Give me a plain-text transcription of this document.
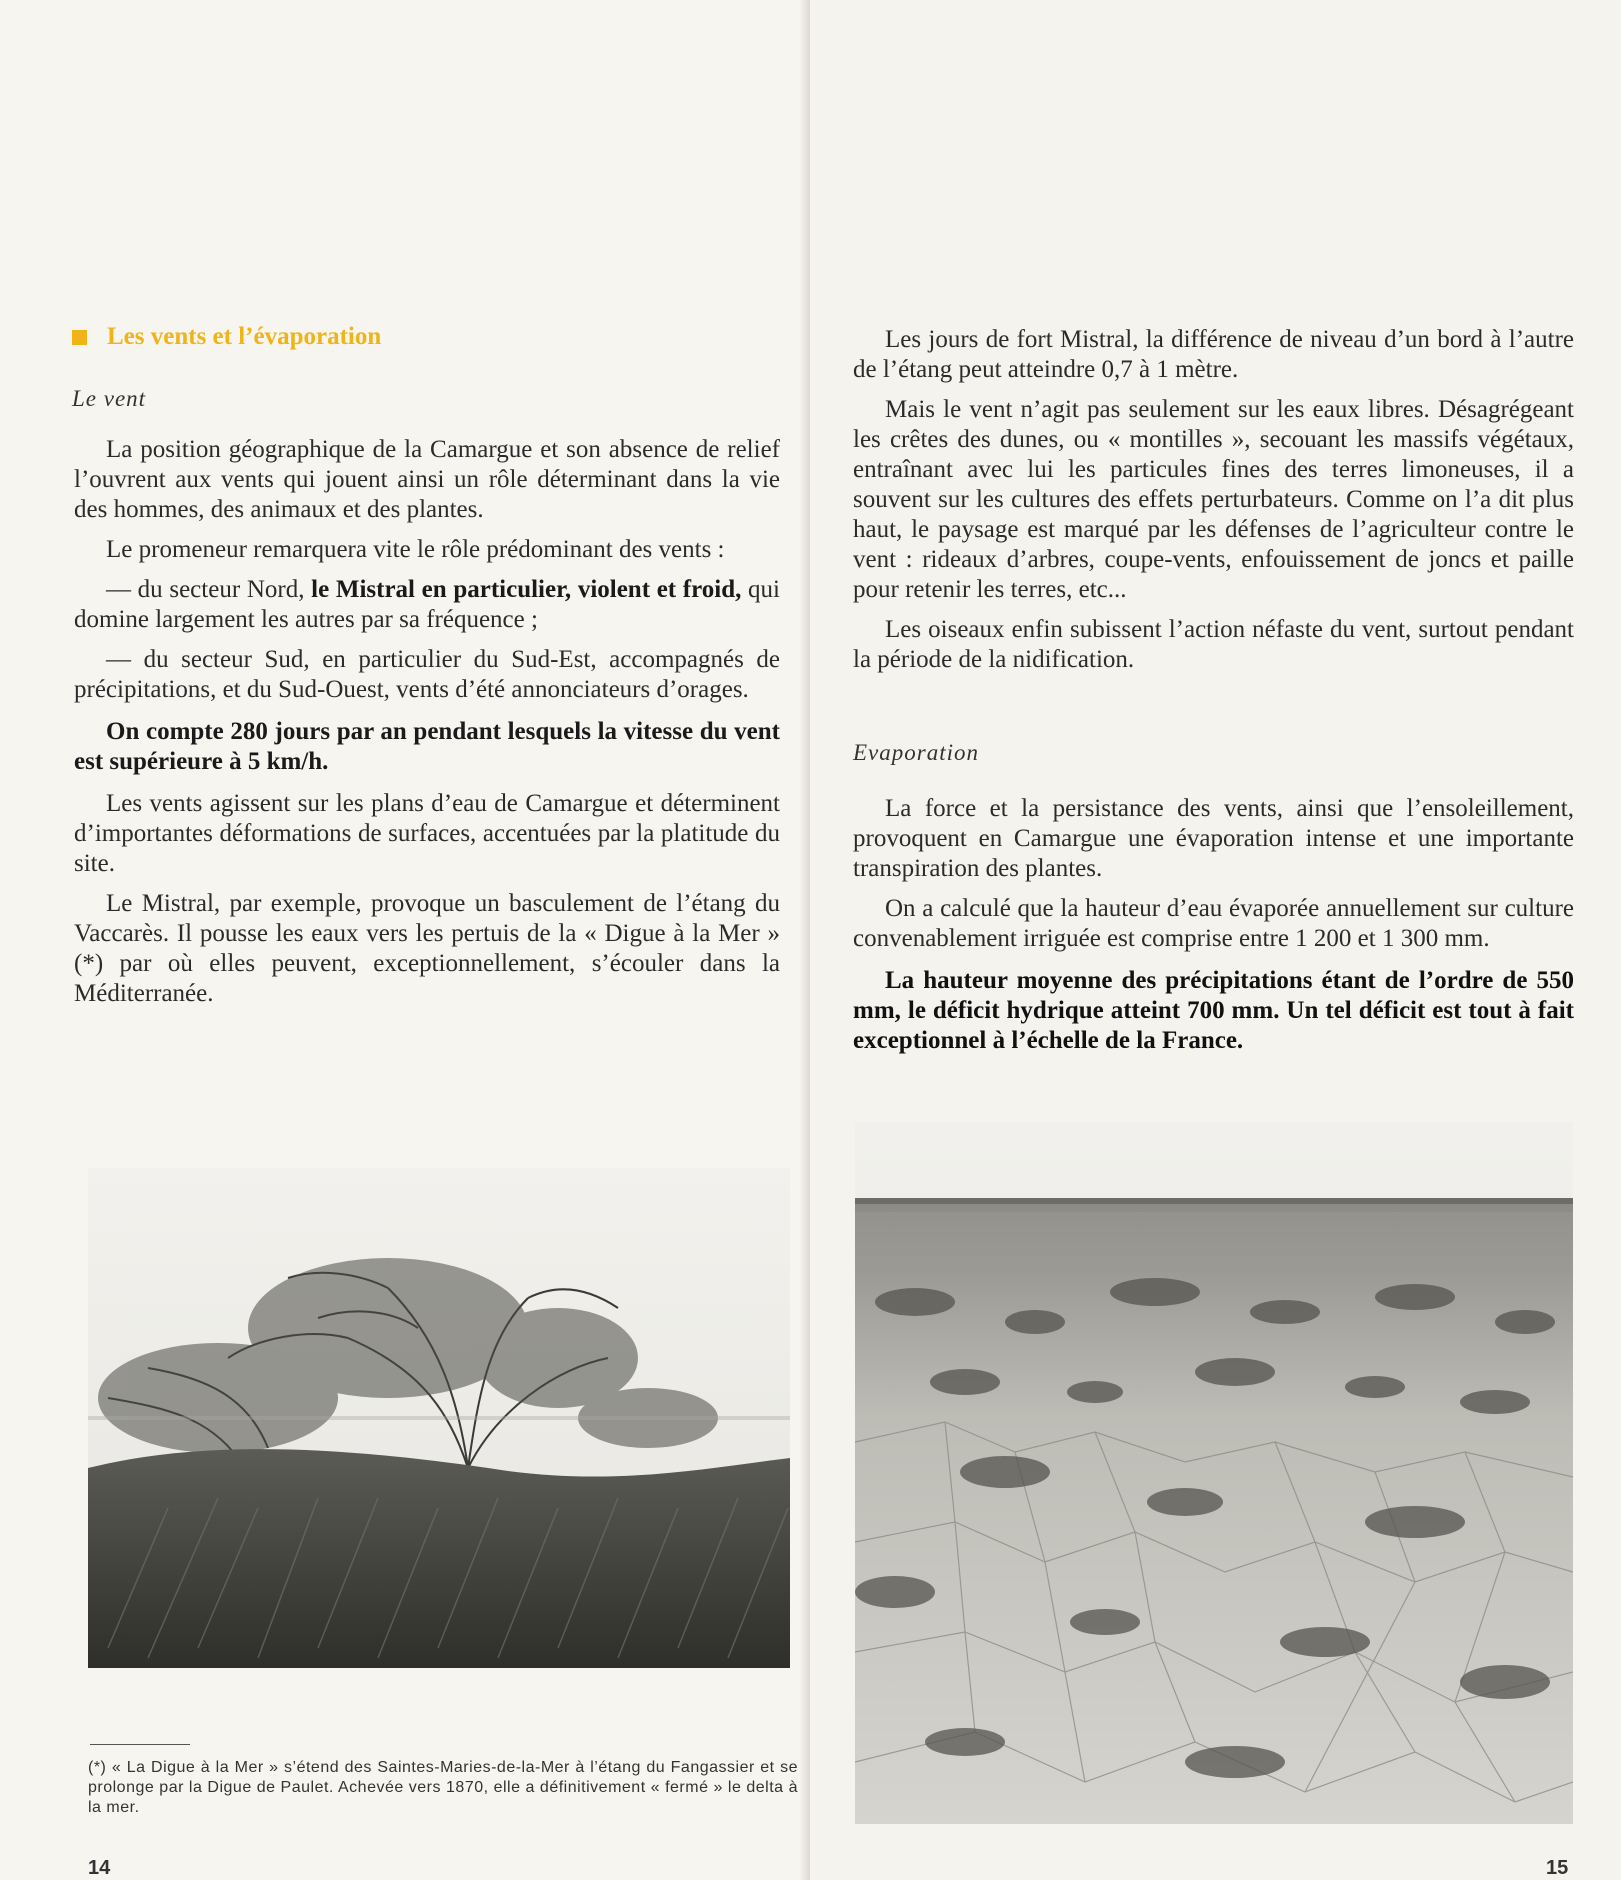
Les vents et l’évaporation
Le vent

La position géographique de la Camargue et son absence de relief l’ouvrent aux vents qui jouent ainsi un rôle déterminant dans la vie des hommes, des animaux et des plantes.

Le promeneur remarquera vite le rôle prédominant des vents :

— du secteur Nord, le Mistral en particulier, violent et froid, qui domine largement les autres par sa fréquence ;

— du secteur Sud, en particulier du Sud-Est, accompagnés de précipitations, et du Sud-Ouest, vents d’été annonciateurs d’orages.

On compte 280 jours par an pendant lesquels la vitesse du vent est supérieure à 5 km/h.

Les vents agissent sur les plans d’eau de Camargue et déterminent d’importantes déformations de surfaces, accentuées par la platitude du site.

Le Mistral, par exemple, provoque un basculement de l’étang du Vaccarès. Il pousse les eaux vers les pertuis de la « Digue à la Mer » (*) par où elles peuvent, exceptionnellement, s’écouler dans la Méditerranée.

(*) « La Digue à la Mer » s’étend des Saintes-Maries-de-la-Mer à l’étang du Fangassier et se prolonge par la Digue de Paulet. Achevée vers 1870, elle a définitivement « fermé » le delta à la mer.

14

Les jours de fort Mistral, la différence de niveau d’un bord à l’autre de l’étang peut atteindre 0,7 à 1 mètre.

Mais le vent n’agit pas seulement sur les eaux libres. Désagrégeant les crêtes des dunes, ou « montilles », secouant les massifs végétaux, entraînant avec lui les particules fines des terres limoneuses, il a souvent sur les cultures des effets perturbateurs. Comme on l’a dit plus haut, le paysage est marqué par les défenses de l’agriculteur contre le vent : rideaux d’arbres, coupe-vents, enfouissement de joncs et paille pour retenir les terres, etc...

Les oiseaux enfin subissent l’action néfaste du vent, surtout pendant la période de la nidification.

Evaporation

La force et la persistance des vents, ainsi que l’ensoleillement, provoquent en Camargue une évaporation intense et une importante transpiration des plantes.

On a calculé que la hauteur d’eau évaporée annuellement sur culture convenablement irriguée est comprise entre 1 200 et 1 300 mm.

La hauteur moyenne des précipitations étant de l’ordre de 550 mm, le déficit hydrique atteint 700 mm. Un tel déficit est tout à fait exceptionnel à l’échelle de la France.

15
